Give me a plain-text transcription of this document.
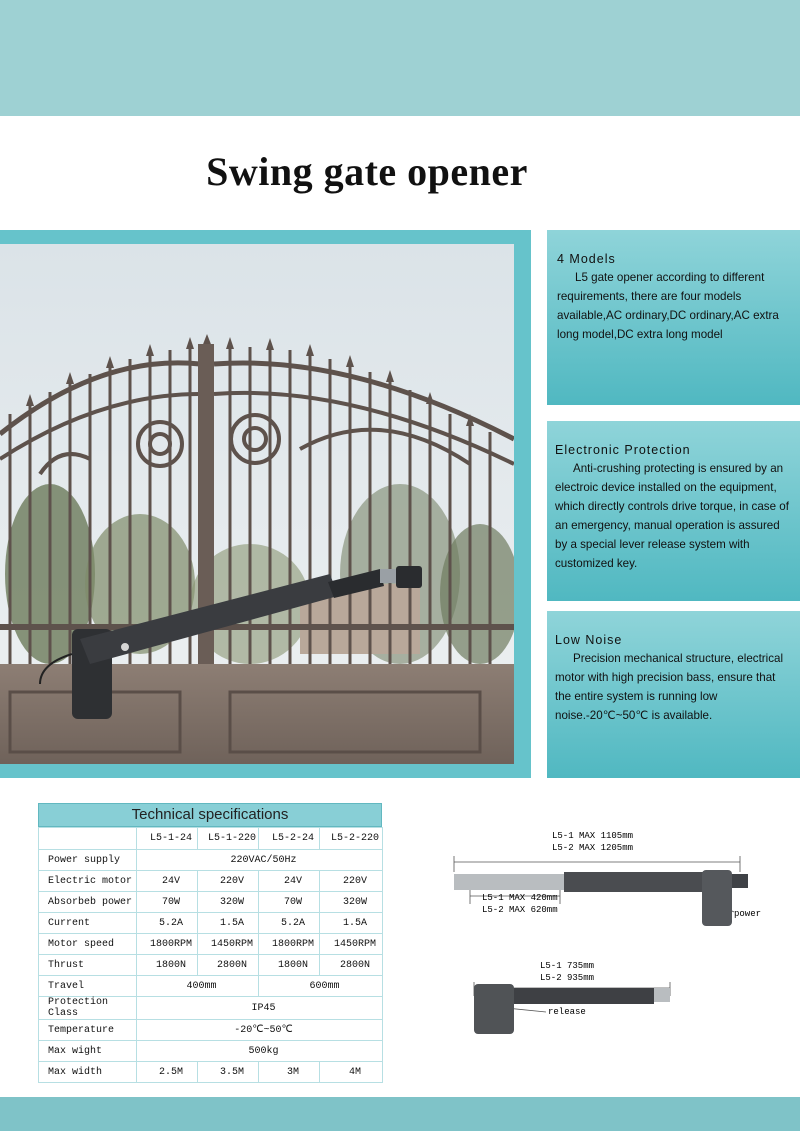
Swing gate opener
4 Models

L5 gate opener according to different requirements, there are four models available,AC ordinary,DC ordinary,AC extra long model,DC extra long model

Electronic Protection

Anti-crushing protecting is ensured by an electroic device installed on the equipment, which directly controls drive torque, in case of an emergency, manual operation is assured by a special lever release system with customized key.

Low Noise

Precision mechanical structure, electrical motor with high precision bass, ensure that the entire system is running low noise.-20℃~50℃ is available.

Technical specifications
	L5-1-24	L5-1-220	L5-2-24	L5-2-220
Power supply	220VAC/50Hz			
Electric motor	24V	220V	24V	220V
Absorbeb power	70W	320W	70W	320W
Current	5.2A	1.5A	5.2A	1.5A
Motor speed	1800RPM	1450RPM	1800RPM	1450RPM
Thrust	1800N	2800N	1800N	2800N
Travel	400mm		600mm	
Protection Class	IP45			
Temperature	-20℃~50℃			
Max wight	500kg			
Max width	2.5M	3.5M	3M	4M
L5-1 MAX 1105mm
L5-2 MAX 1205mm
L5-1 MAX 420mm
L5-2 MAX 620mm	power
L5-1 735mm
L5-2 935mm
release
